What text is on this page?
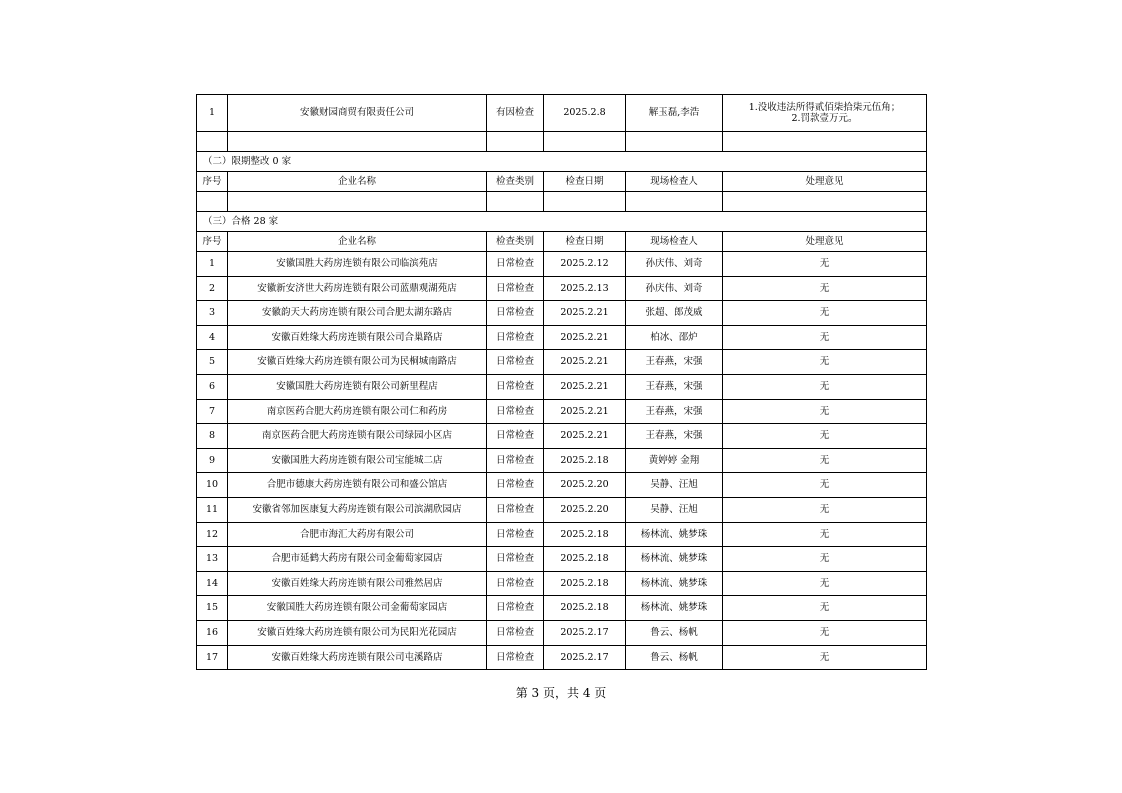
1	安徽财园商贸有限责任公司	有因检查	2025.2.8	解玉磊,李浩	1.没收违法所得贰佰柒拾柒元伍角；
2.罚款壹万元。

（二）限期整改 0 家					
序号	企业名称	检查类别	检查日期	现场检查人	处理意见

（三）合格 28 家					
序号	企业名称	检查类别	检查日期	现场检查人	处理意见
1	安徽国胜大药房连锁有限公司临滨苑店	日常检查	2025.2.12	孙庆伟、刘奇	无
2	安徽新安济世大药房连锁有限公司蓝鼎观湖苑店	日常检查	2025.2.13	孙庆伟、刘奇	无
3	安徽韵天大药房连锁有限公司合肥太湖东路店	日常检查	2025.2.21	张超、郎茂威	无
4	安徽百姓缘大药房连锁有限公司合巢路店	日常检查	2025.2.21	柏冰、邵炉	无
5	安徽百姓缘大药房连锁有限公司为民桐城南路店	日常检查	2025.2.21	王春燕，宋强	无
6	安徽国胜大药房连锁有限公司新里程店	日常检查	2025.2.21	王春燕，宋强	无
7	南京医药合肥大药房连锁有限公司仁和药房	日常检查	2025.2.21	王春燕，宋强	无
8	南京医药合肥大药房连锁有限公司绿园小区店	日常检查	2025.2.21	王春燕，宋强	无
9	安徽国胜大药房连锁有限公司宝能城二店	日常检查	2025.2.18	黄婷婷 金翔	无
10	合肥市德康大药房连锁有限公司和盛公馆店	日常检查	2025.2.20	吴静、汪旭	无
11	安徽省邻加医康复大药房连锁有限公司滨湖欣园店	日常检查	2025.2.20	吴静、汪旭	无
12	合肥市海汇大药房有限公司	日常检查	2025.2.18	杨林流、姚梦珠	无
13	合肥市延鹤大药房有限公司金葡萄家园店	日常检查	2025.2.18	杨林流、姚梦珠	无
14	安徽百姓缘大药房连锁有限公司雅然居店	日常检查	2025.2.18	杨林流、姚梦珠	无
15	安徽国胜大药房连锁有限公司金葡萄家园店	日常检查	2025.2.18	杨林流、姚梦珠	无
16	安徽百姓缘大药房连锁有限公司为民阳光花园店	日常检查	2025.2.17	鲁云、杨帆	无
17	安徽百姓缘大药房连锁有限公司屯溪路店	日常检查	2025.2.17	鲁云、杨帆	无
第 3 页，共 4 页
